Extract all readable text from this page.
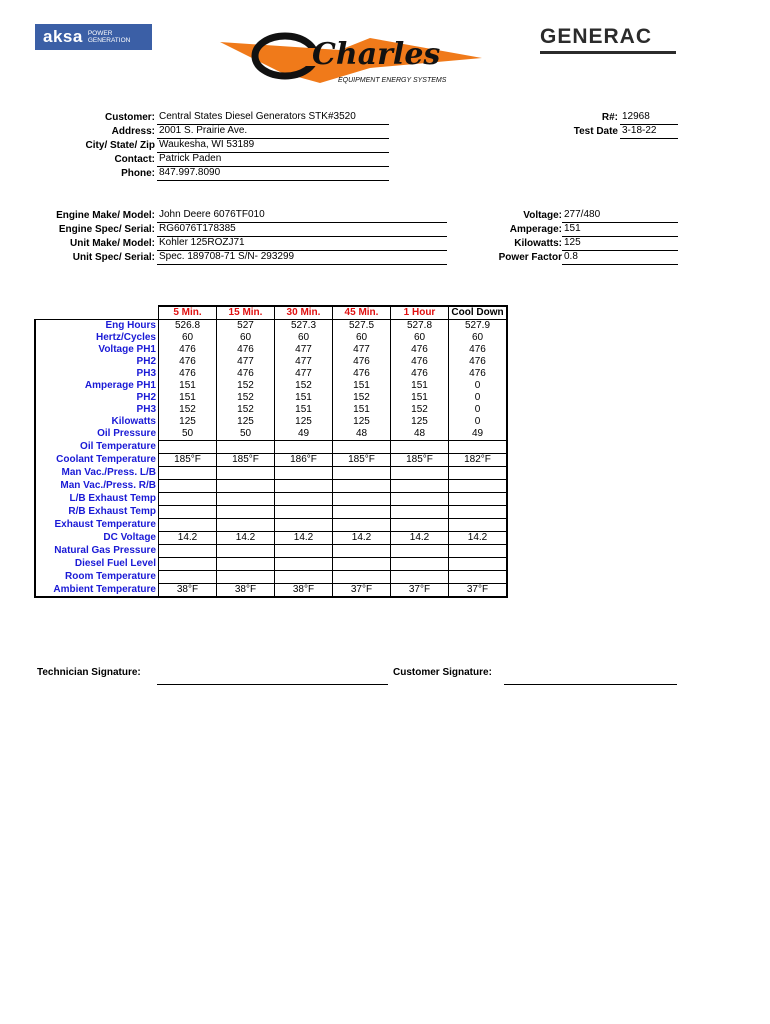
aksa POWER
GENERATION	Charles
EQUIPMENT ENERGY SYSTEMS
GENERAC
Customer: Central States Diesel Generators STK#3520
Address: 2001 S. Prairie Ave.
City/ State/ Zip Waukesha, WI 53189
Contact: Patrick Paden
Phone: 847.997.8090
R#: 12968
Test Date 3-18-22
Engine Make/ Model: John Deere 6076TF010
Engine Spec/ Serial: RG6076T178385
Unit Make/ Model: Kohler 125ROZJ71
Unit Spec/ Serial: Spec. 189708-71 S/N- 293299
Voltage: 277/480
Amperage: 151
Kilowatts: 125
Power Factor 0.8
	5 Min.	15 Min.	30 Min.	45 Min.	1 Hour	Cool Down
Eng Hours	526.8	527	527.3	527.5	527.8	527.9
Hertz/Cycles	60	60	60	60	60	60
Voltage PH1	476	476	477	477	476	476
PH2	476	477	477	476	476	476
PH3	476	476	477	476	476	476
Amperage PH1	151	152	152	151	151	0
PH2	151	152	151	152	151	0
PH3	152	152	151	151	152	0
Kilowatts	125	125	125	125	125	0
Oil Pressure	50	50	49	48	48	49
Oil Temperature						
Coolant Temperature	185°F	185°F	186°F	185°F	185°F	182°F
Man Vac./Press. L/B						
Man Vac./Press. R/B						
L/B Exhaust Temp						
R/B Exhaust Temp						
Exhaust Temperature						
DC Voltage	14.2	14.2	14.2	14.2	14.2	14.2
Natural Gas Pressure						
Diesel Fuel Level						
Room Temperature						
Ambient Temperature	38°F	38°F	38°F	37°F	37°F	37°F
Technician Signature:	Customer Signature:
